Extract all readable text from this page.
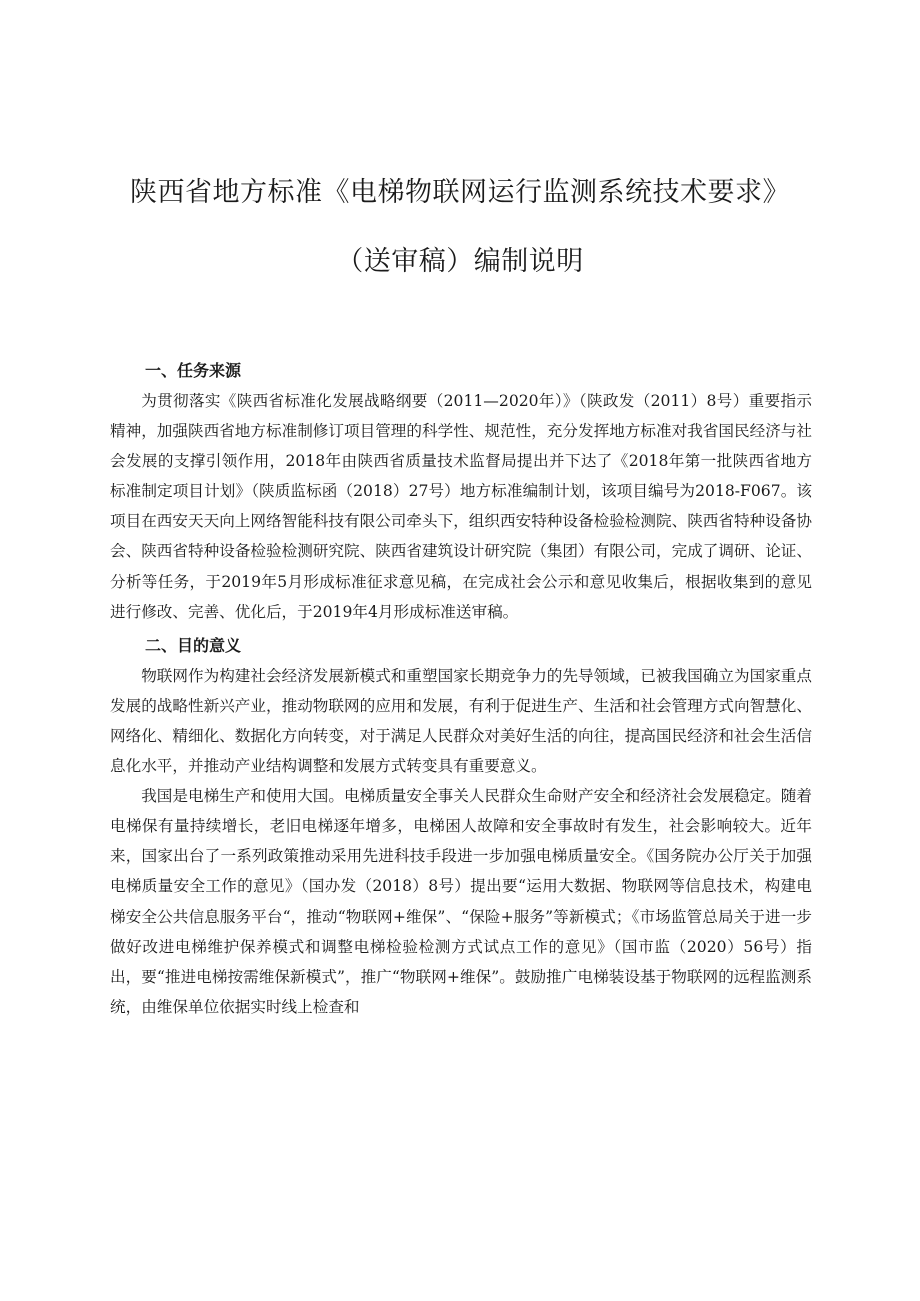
陕西省地方标准《电梯物联网运行监测系统技术要求》
（送审稿）编制说明
一、任务来源

为贯彻落实《陕西省标准化发展战略纲要（2011—2020年）》（陕政发（2011）8号）重要指示精神，加强陕西省地方标准制修订项目管理的科学性、规范性，充分发挥地方标准对我省国民经济与社会发展的支撑引领作用，2018年由陕西省质量技术监督局提出并下达了《2018年第一批陕西省地方标准制定项目计划》（陕质监标函（2018）27号）地方标准编制计划，该项目编号为2018-F067。该项目在西安天天向上网络智能科技有限公司牵头下，组织西安特种设备检验检测院、陕西省特种设备协会、陕西省特种设备检验检测研究院、陕西省建筑设计研究院（集团）有限公司，完成了调研、论证、分析等任务，于2019年5月形成标准征求意见稿，在完成社会公示和意见收集后，根据收集到的意见进行修改、完善、优化后，于2019年4月形成标准送审稿。

二、目的意义

物联网作为构建社会经济发展新模式和重塑国家长期竞争力的先导领域，已被我国确立为国家重点发展的战略性新兴产业，推动物联网的应用和发展，有利于促进生产、生活和社会管理方式向智慧化、网络化、精细化、数据化方向转变，对于满足人民群众对美好生活的向往，提高国民经济和社会生活信息化水平，并推动产业结构调整和发展方式转变具有重要意义。

我国是电梯生产和使用大国。电梯质量安全事关人民群众生命财产安全和经济社会发展稳定。随着电梯保有量持续增长，老旧电梯逐年增多，电梯困人故障和安全事故时有发生，社会影响较大。近年来，国家出台了一系列政策推动采用先进科技手段进一步加强电梯质量安全。《国务院办公厅关于加强电梯质量安全工作的意见》（国办发（2018）8号）提出要“运用大数据、物联网等信息技术，构建电梯安全公共信息服务平台“，推动“物联网+维保”、“保险+服务”等新模式；《市场监管总局关于进一步做好改进电梯维护保养模式和调整电梯检验检测方式试点工作的意见》（国市监（2020）56号）指出，要“推进电梯按需维保新模式”，推广“物联网+维保”。鼓励推广电梯装设基于物联网的远程监测系统，由维保单位依据实时线上检查和
